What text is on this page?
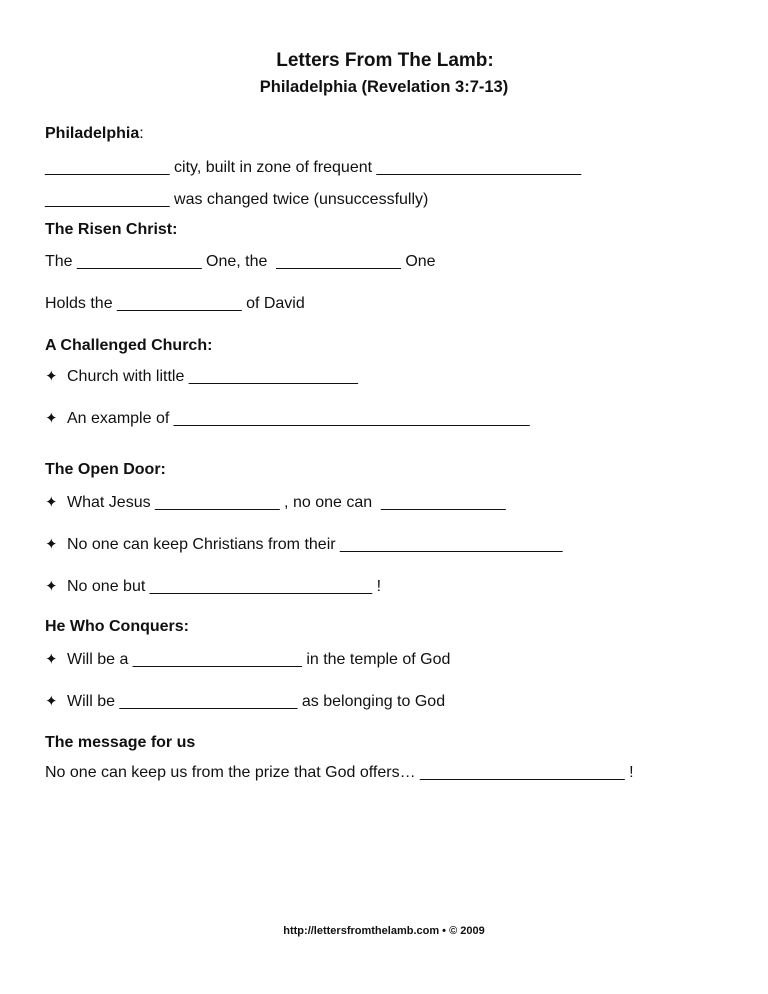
Letters From The Lamb:
Philadelphia (Revelation 3:7-13)
Philadelphia:
______________ city, built in zone of frequent _______________________
______________ was changed twice (unsuccessfully)
The Risen Christ:
The ______________ One, the  ______________ One
Holds the ______________ of David
A Challenged Church:
✦ Church with little ___________________
✦ An example of ________________________________________
The Open Door:
✦ What Jesus ______________ , no one can  ______________
✦ No one can keep Christians from their _________________________
✦ No one but _________________________ !
He Who Conquers:
✦ Will be a ___________________ in the temple of God
✦ Will be ____________________ as belonging to God
The message for us
No one can keep us from the prize that God offers… _______________________ !
http://lettersfromthelamb.com • © 2009
